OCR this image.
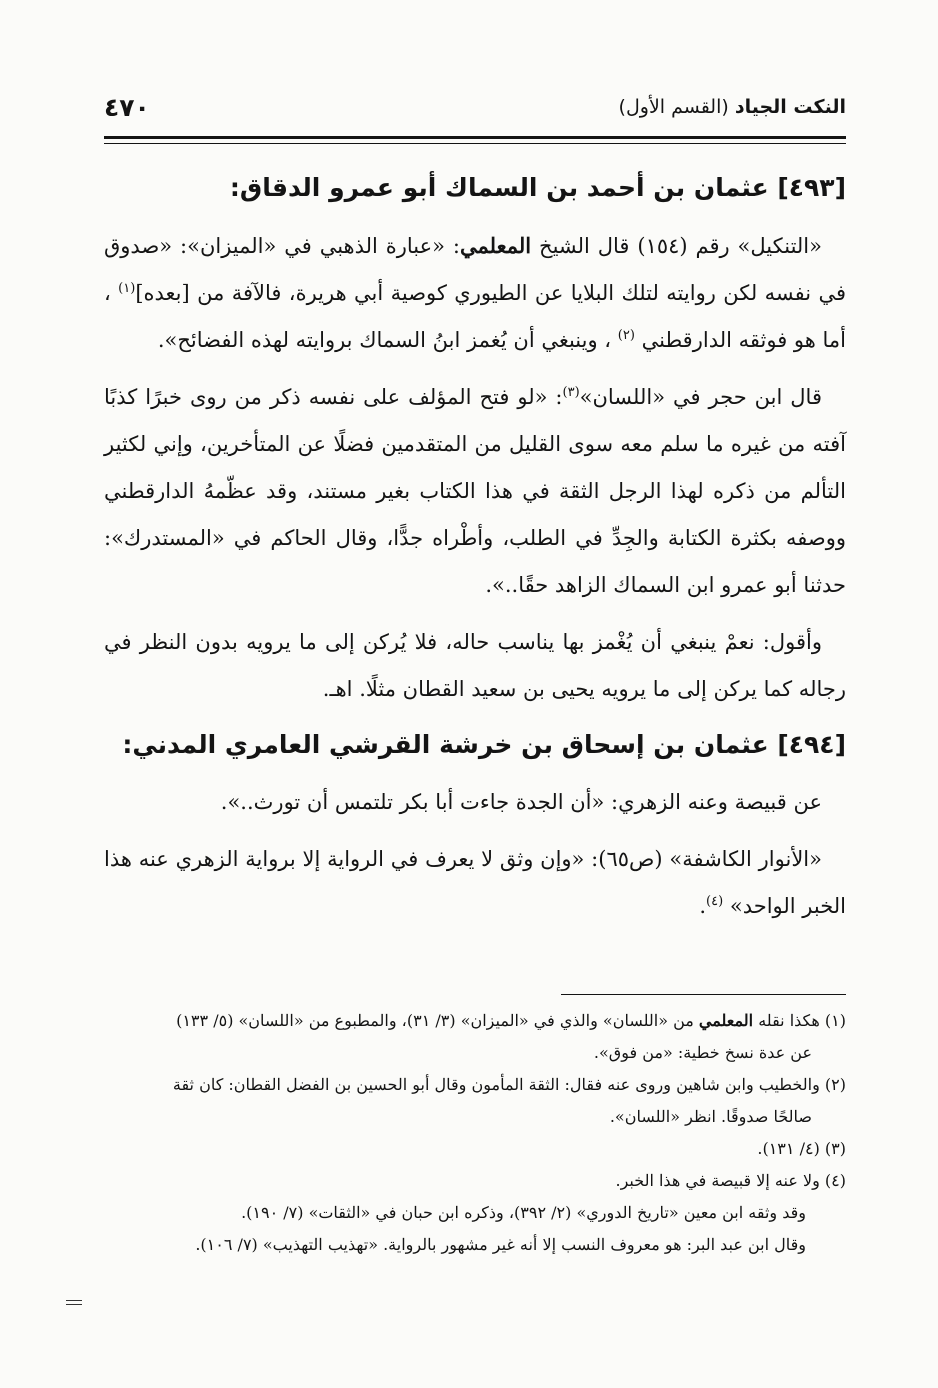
النكت الجياد (القسم الأول)
٤٧٠
[٤٩٣] عثمان بن أحمد بن السماك أبو عمرو الدقاق:

«التنكيل» رقم (١٥٤) قال الشيخ المعلمي: «عبارة الذهبي في «الميزان»: «صدوق في نفسه لكن روايته لتلك البلايا عن الطيوري كوصية أبي هريرة، فالآفة من [بعده]$^{(١)}$ ، أما هو فوثقه الدارقطني $^{(٢)}$ ، وينبغي أن يُغمز ابنُ السماك بروايته لهذه الفضائح».

قال ابن حجر في «اللسان»$^{(٣)}$: «لو فتح المؤلف على نفسه ذكر من روى خبرًا كذبًا آفته من غيره ما سلم معه سوى القليل من المتقدمين فضلًا عن المتأخرين، وإني لكثير التألم من ذكره لهذا الرجل الثقة في هذا الكتاب بغير مستند، وقد عظّمهُ الدارقطني ووصفه بكثرة الكتابة والجِدِّ في الطلب، وأطْراه جدًّا، وقال الحاكم في «المستدرك»: حدثنا أبو عمرو ابن السماك الزاهد حقًا..».

وأقول: نعمْ ينبغي أن يُغْمز بها يناسب حاله، فلا يُركن إلى ما يرويه بدون النظر في رجاله كما يركن إلى ما يرويه يحيى بن سعيد القطان مثلًا. اهـ.

[٤٩٤] عثمان بن إسحاق بن خرشة القرشي العامري المدني:

عن قبيصة وعنه الزهري: «أن الجدة جاءت أبا بكر تلتمس أن تورث..».

«الأنوار الكاشفة» (ص٦٥): «وإن وثق لا يعرف في الرواية إلا برواية الزهري عنه هذا الخبر الواحد» $^{(٤)}$.

(١) هكذا نقله المعلمي من «اللسان» والذي في «الميزان» (٣/ ٣١)، والمطبوع من «اللسان» (٥/ ١٣٣)
عن عدة نسخ خطية: «من فوق».

(٢) والخطيب وابن شاهين وروى عنه فقال: الثقة المأمون وقال أبو الحسين بن الفضل القطان: كان ثقة
صالحًا صدوقًا. انظر «اللسان».

(٣) (٤/ ١٣١).

(٤) ولا عنه إلا قبيصة في هذا الخبر.

وقد وثقه ابن معين «تاريخ الدوري» (٢/ ٣٩٢)، وذكره ابن حبان في «الثقات» (٧/ ١٩٠).

وقال ابن عبد البر: هو معروف النسب إلا أنه غير مشهور بالرواية. «تهذيب التهذيب» (٧/ ١٠٦).
